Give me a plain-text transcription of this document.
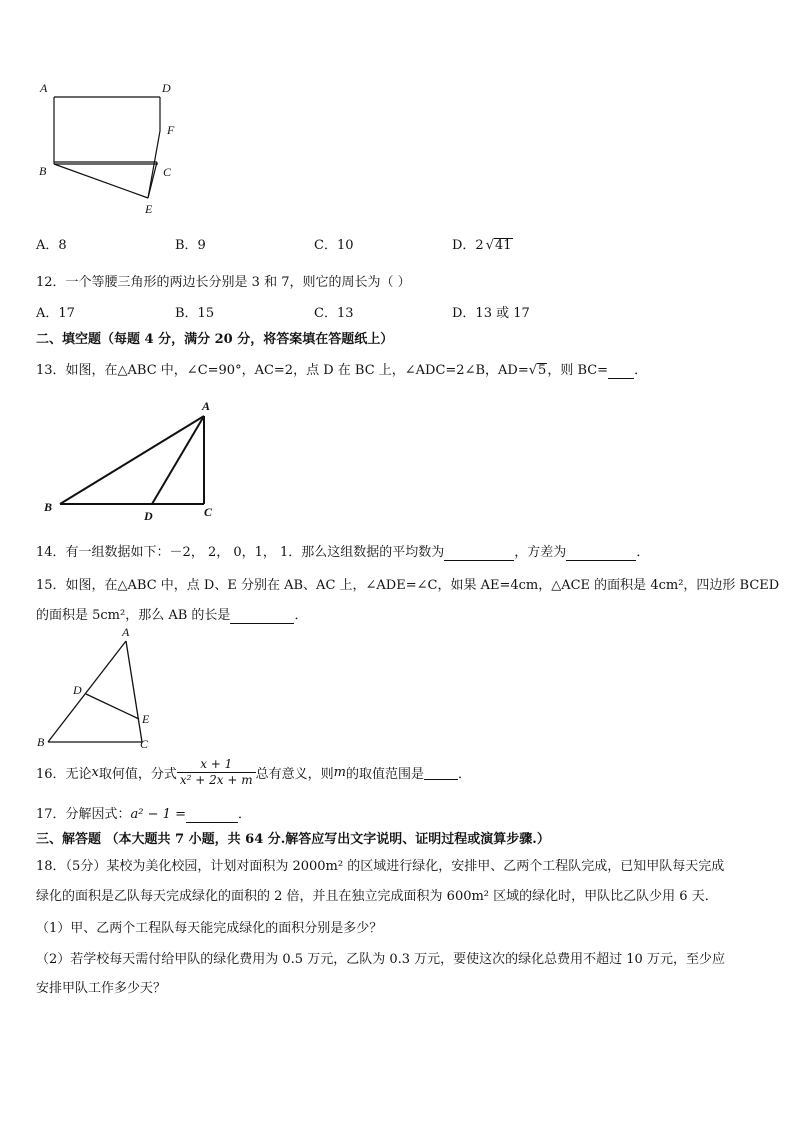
A	D
F
B	C
E
A．8	B．9	C．10	D．2 √41
12．一个等腰三角形的两边长分别是 3 和 7，则它的周长为（ ）
A．17	B．15	C．13	D．13 或 17
二、填空题（每题 4 分，满分 20 分，将答案填在答题纸上）
13．如图，在△ABC 中，∠C=90°，AC=2，点 D 在 BC 上，∠ADC=2∠B，AD=√5，则 BC= ．
A
B
D	C
14．有一组数据如下：－2， 2， 0，1， 1．那么这组数据的平均数为	，方差为	．
15．如图，在△ABC 中，点 D、E 分别在 AB、AC 上，∠ADE=∠C，如果 AE=4cm，△ACE 的面积是 4cm²，四边形 BCED
的面积是 5cm²，那么 AB 的长是	．
A
D
E
B	C
16．无论 x 取何值，分式 $\frac{x + 1}{\text{x² + 2x + m}}$ 总有意义，则 m 的取值范围是
	．
17．分解因式：a² − 1 =	．
三、解答题 （本大题共 7 小题，共 64 分.解答应写出文字说明、证明过程或演算步骤.）
18．（5分）某校为美化校园，计划对面积为 2000m² 的区域进行绿化，安排甲、乙两个工程队完成，已知甲队每天完成
绿化的面积是乙队每天完成绿化的面积的 2 倍，并且在独立完成面积为 600m² 区域的绿化时，甲队比乙队少用 6 天．
（1）甲、乙两个工程队每天能完成绿化的面积分别是多少？
（2）若学校每天需付给甲队的绿化费用为 0.5 万元，乙队为 0.3 万元，要使这次的绿化总费用不超过 10 万元，至少应
安排甲队工作多少天？
